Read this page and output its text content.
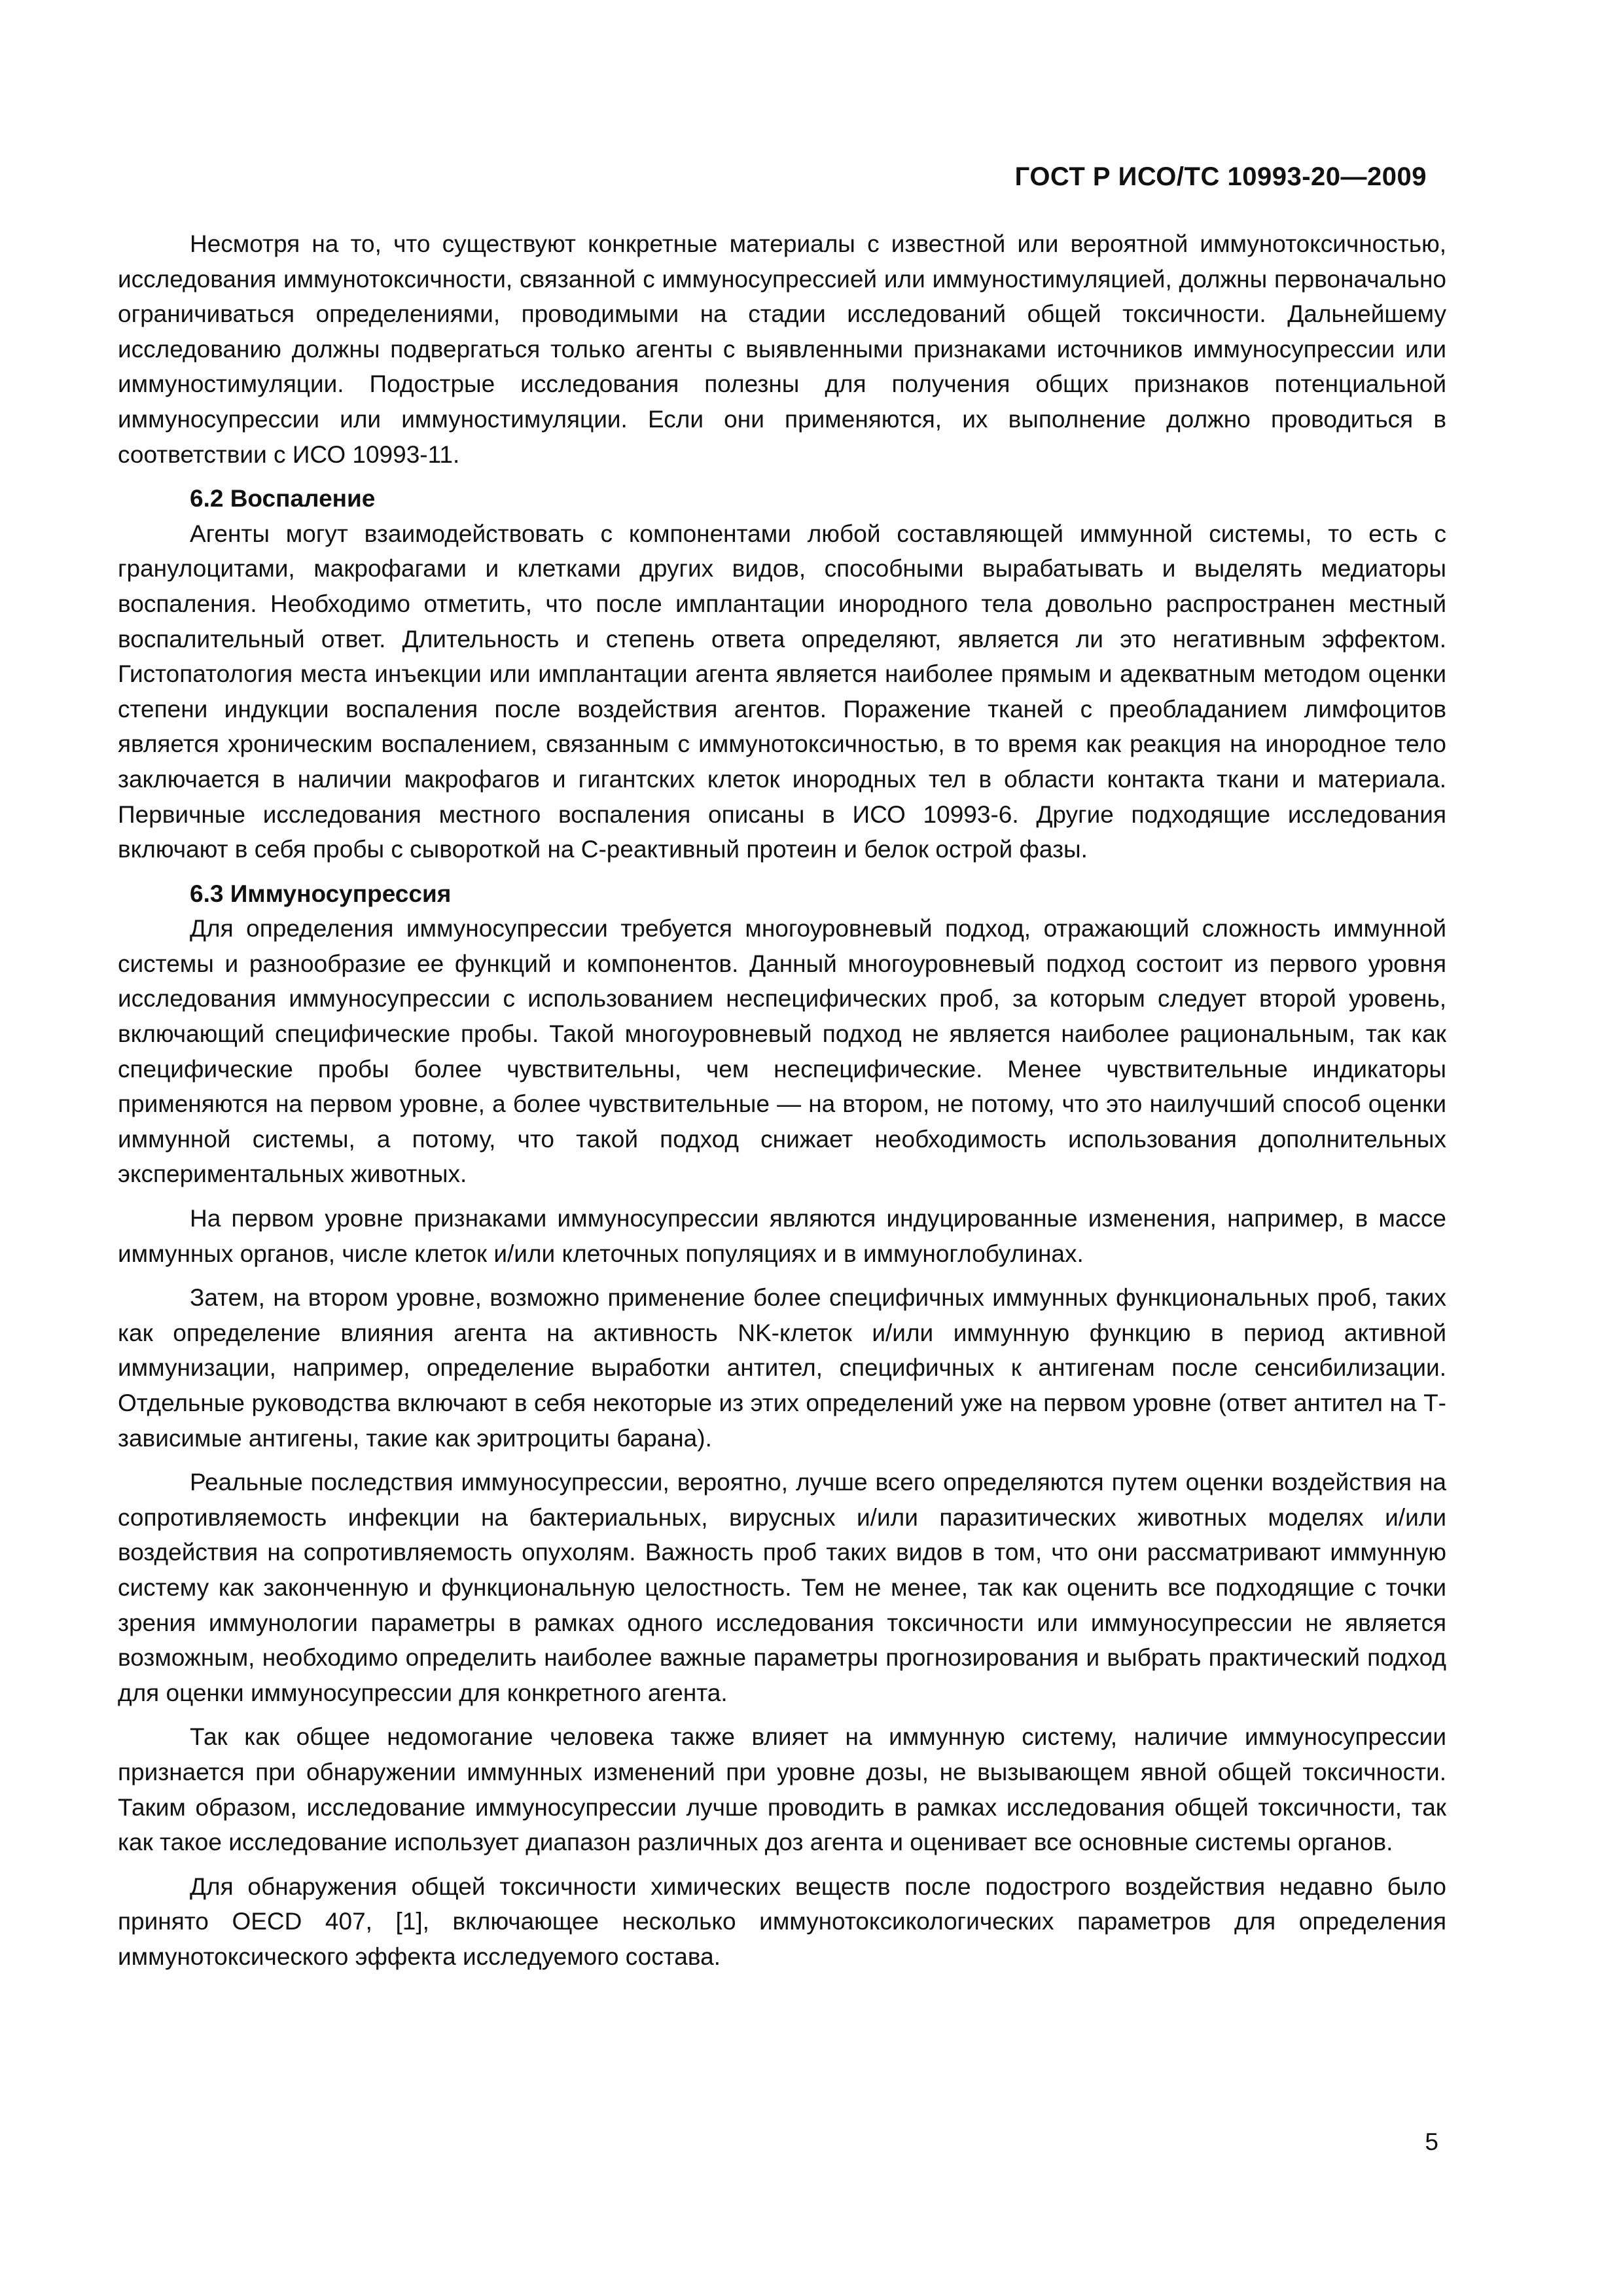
ГОСТ Р ИСО/ТС 10993-20—2009

Несмотря на то, что существуют конкретные материалы с известной или вероятной иммунотоксичностью, исследования иммунотоксичности, связанной с иммуносупрессией или иммуностимуляцией, должны первоначально ограничиваться определениями, проводимыми на стадии исследований общей токсичности. Дальнейшему исследованию должны подвергаться только агенты с выявленными признаками источников иммуносупрессии или иммуностимуляции. Подострые исследования полезны для получения общих признаков потенциальной иммуносупрессии или иммуностимуляции. Если они применяются, их выполнение должно проводиться в соответствии с ИСО 10993-11.

6.2 Воспаление

Агенты могут взаимодействовать с компонентами любой составляющей иммунной системы, то есть с гранулоцитами, макрофагами и клетками других видов, способными вырабатывать и выделять медиаторы воспаления. Необходимо отметить, что после имплантации инородного тела довольно распространен местный воспалительный ответ. Длительность и степень ответа определяют, является ли это негативным эффектом. Гистопатология места инъекции или имплантации агента является наиболее прямым и адекватным методом оценки степени индукции воспаления после воздействия агентов. Поражение тканей с преобладанием лимфоцитов является хроническим воспалением, связанным с иммунотоксичностью, в то время как реакция на инородное тело заключается в наличии макрофагов и гигантских клеток инородных тел в области контакта ткани и материала. Первичные исследования местного воспаления описаны в ИСО 10993-6. Другие подходящие исследования включают в себя пробы с сывороткой на С-реактивный протеин и белок острой фазы.

6.3 Иммуносупрессия

Для определения иммуносупрессии требуется многоуровневый подход, отражающий сложность иммунной системы и разнообразие ее функций и компонентов. Данный многоуровневый подход состоит из первого уровня исследования иммуносупрессии с использованием неспецифических проб, за которым следует второй уровень, включающий специфические пробы. Такой многоуровневый подход не является наиболее рациональным, так как специфические пробы более чувствительны, чем неспецифические. Менее чувствительные индикаторы применяются на первом уровне, а более чувствительные — на втором, не потому, что это наилучший способ оценки иммунной системы, а потому, что такой подход снижает необходимость использования дополнительных экспериментальных животных.

На первом уровне признаками иммуносупрессии являются индуцированные изменения, например, в массе иммунных органов, числе клеток и/или клеточных популяциях и в иммуноглобулинах.

Затем, на втором уровне, возможно применение более специфичных иммунных функциональных проб, таких как определение влияния агента на активность NK-клеток и/или иммунную функцию в период активной иммунизации, например, определение выработки антител, специфичных к антигенам после сенсибилизации. Отдельные руководства включают в себя некоторые из этих определений уже на первом уровне (ответ антител на Т-зависимые антигены, такие как эритроциты барана).

Реальные последствия иммуносупрессии, вероятно, лучше всего определяются путем оценки воздействия на сопротивляемость инфекции на бактериальных, вирусных и/или паразитических животных моделях и/или воздействия на сопротивляемость опухолям. Важность проб таких видов в том, что они рассматривают иммунную систему как законченную и функциональную целостность. Тем не менее, так как оценить все подходящие с точки зрения иммунологии параметры в рамках одного исследования токсичности или иммуносупрессии не является возможным, необходимо определить наиболее важные параметры прогнозирования и выбрать практический подход для оценки иммуносупрессии для конкретного агента.

Так как общее недомогание человека также влияет на иммунную систему, наличие иммуносупрессии признается при обнаружении иммунных изменений при уровне дозы, не вызывающем явной общей токсичности. Таким образом, исследование иммуносупрессии лучше проводить в рамках исследования общей токсичности, так как такое исследование использует диапазон различных доз агента и оценивает все основные системы органов.

Для обнаружения общей токсичности химических веществ после подострого воздействия недавно было принято OECD 407, [1], включающее несколько иммунотоксикологических параметров для определения иммунотоксического эффекта исследуемого состава.

5
